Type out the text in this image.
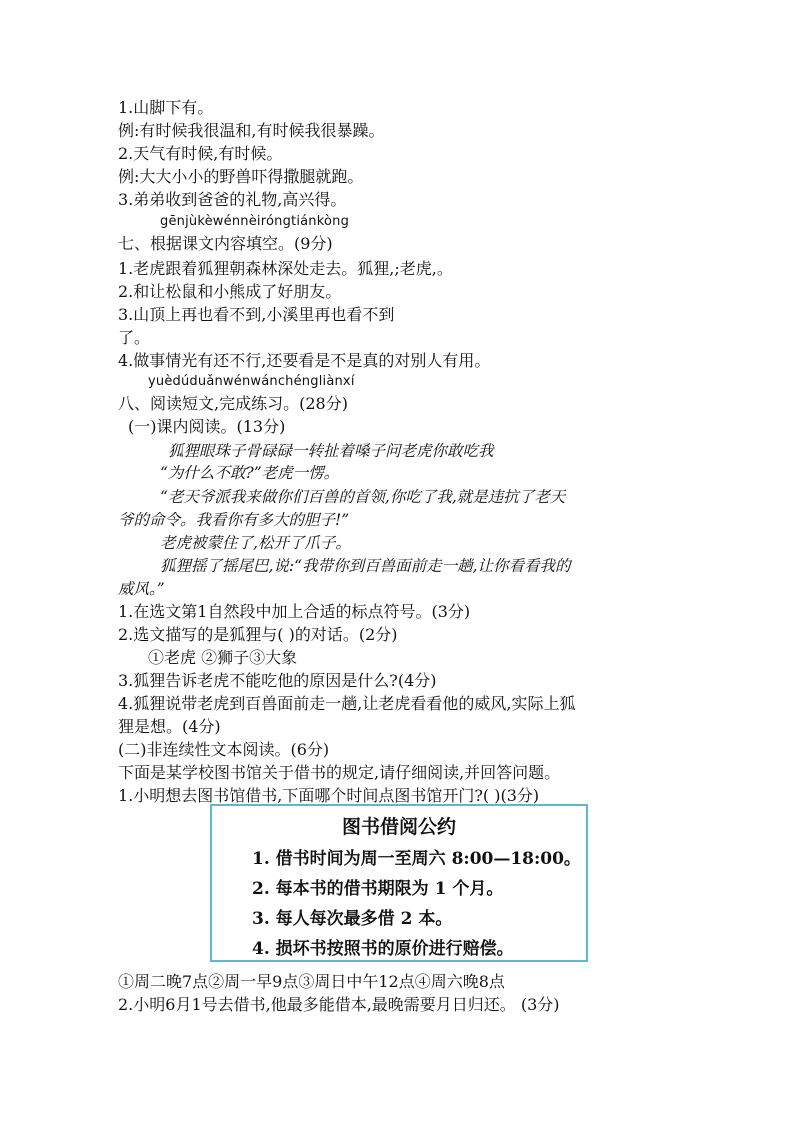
1.山脚下有。
例:有时候我很温和,有时候我很暴躁。
2.天气有时候,有时候。
例:大大小小的野兽吓得撒腿就跑。
3.弟弟收到爸爸的礼物,高兴得。
gēnjùkèwénnèiróngtiánkòng
七、根据课文内容填空。(9分)
1.老虎跟着狐狸朝森林深处走去。狐狸,;老虎,。
2.和让松鼠和小熊成了好朋友。
3.山顶上再也看不到,小溪里再也看不到
了。
4.做事情光有还不行,还要看是不是真的对别人有用。
yuèdúduǎnwénwánchéngliànxí
八、阅读短文,完成练习。(28分)
(一)课内阅读。(13分)
狐狸眼珠子骨碌碌一转扯着嗓子问老虎你敢吃我
“为什么不敢?”老虎一愣。
“老天爷派我来做你们百兽的首领,你吃了我,就是违抗了老天
爷的命令。我看你有多大的胆子!”
老虎被蒙住了,松开了爪子。
狐狸摇了摇尾巴,说:“我带你到百兽面前走一趟,让你看看我的
威风。”
1.在选文第1自然段中加上合适的标点符号。(3分)
2.选文描写的是狐狸与( )的对话。(2分)
①老虎 ②狮子③大象
3.狐狸告诉老虎不能吃他的原因是什么?(4分)
4.狐狸说带老虎到百兽面前走一趟,让老虎看看他的威风,实际上狐
狸是想。(4分)
(二)非连续性文本阅读。(6分)
下面是某学校图书馆关于借书的规定,请仔细阅读,并回答问题。
1.小明想去图书馆借书,下面哪个时间点图书馆开门?( )(3分)
图书借阅公约
1. 借书时间为周一至周六 8:00—18:00。
2. 每本书的借书期限为 1 个月。
3. 每人每次最多借 2 本。
4. 损坏书按照书的原价进行赔偿。
①周二晚7点②周一早9点③周日中午12点④周六晚8点
2.小明6月1号去借书,他最多能借本,最晚需要月日归还。 (3分)
